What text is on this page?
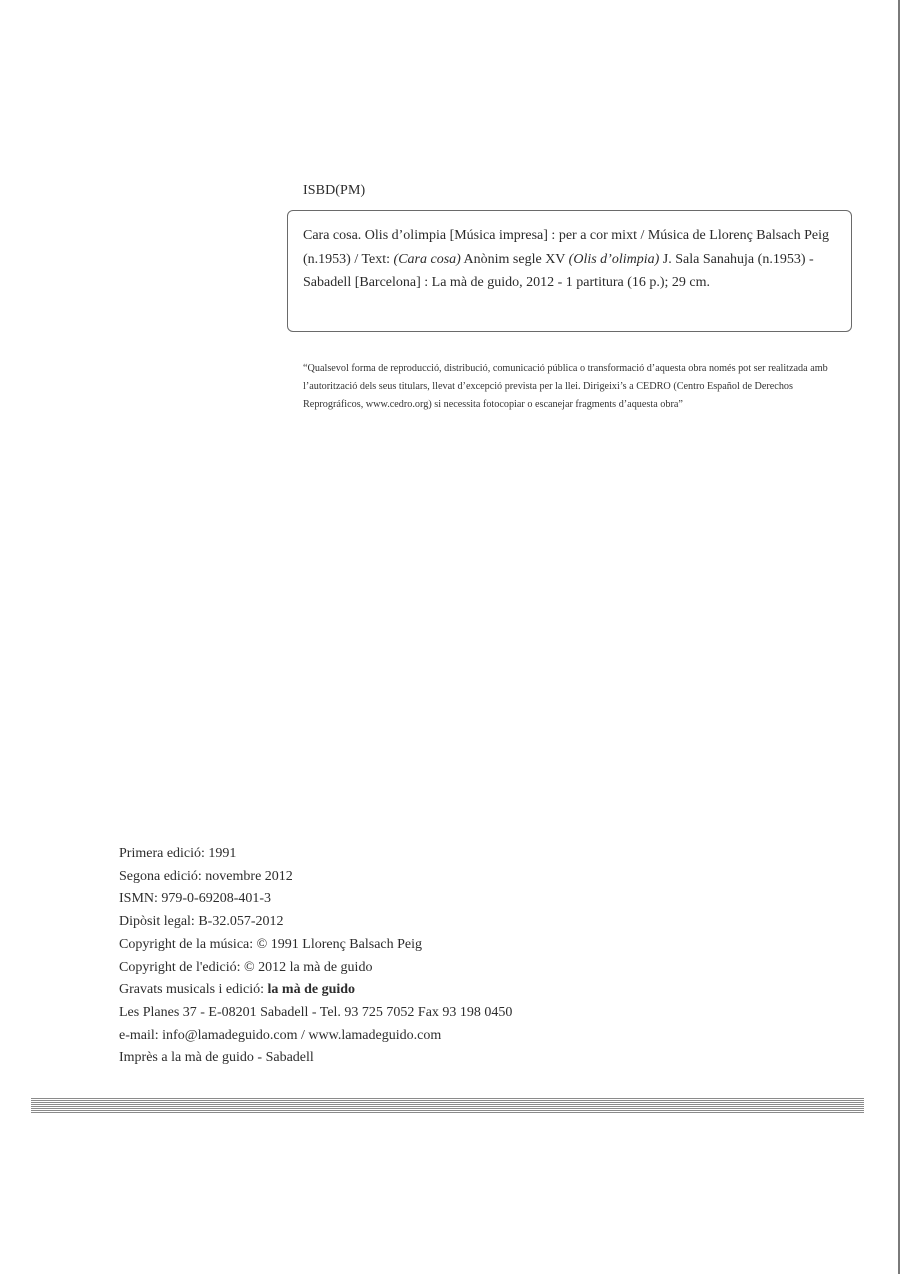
ISBD(PM)

Cara cosa. Olis d’olimpia [Música impresa] : per a cor mixt / Música de Llorenç Balsach Peig (n.1953) / Text: (Cara cosa) Anònim segle XV (Olis d’olimpia) J. Sala Sanahuja (n.1953) - Sabadell [Barcelona] : La mà de guido, 2012 - 1 partitura (16 p.); 29 cm.

“Qualsevol forma de reproducció, distribució, comunicació pública o transformació d’aquesta obra només pot ser realitzada amb l’autorització dels seus titulars, llevat d’excepció prevista per la llei. Dirigeixi’s a CEDRO (Centro Español de Derechos Reprográficos, www.cedro.org) si necessita fotocopiar o escanejar fragments d’aquesta obra”

Primera edició: 1991
Segona edició: novembre 2012
ISMN: 979-0-69208-401-3
Dipòsit legal: B-32.057-2012
Copyright de la música: © 1991 Llorenç Balsach Peig
Copyright de l'edició: © 2012 la mà de guido
Gravats musicals i edició: la mà de guido
Les Planes 37 - E-08201 Sabadell - Tel. 93 725 7052 Fax 93 198 0450
e-mail: info@lamadeguido.com / www.lamadeguido.com
Imprès a la mà de guido - Sabadell
